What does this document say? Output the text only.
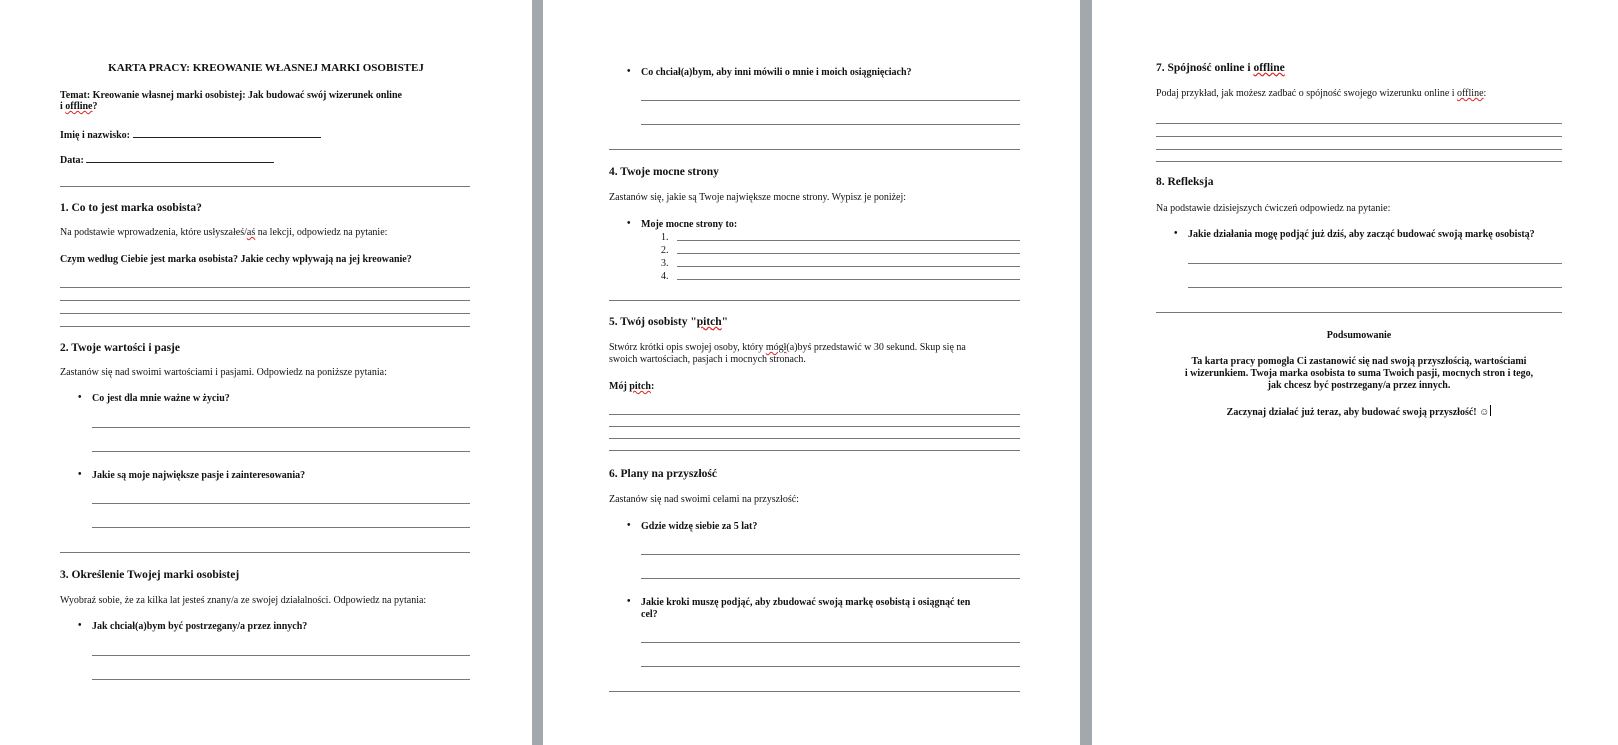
KARTA PRACY: KREOWANIE WŁASNEJ MARKI OSOBISTEJ
Temat: Kreowanie własnej marki osobistej: Jak budować swój wizerunek online
i offline?
Imię i nazwisko:
Data:
1. Co to jest marka osobista?
Na podstawie wprowadzenia, które usłyszałeś/aś na lekcji, odpowiedz na pytanie:
Czym według Ciebie jest marka osobista? Jakie cechy wpływają na jej kreowanie?
2. Twoje wartości i pasje
Zastanów się nad swoimi wartościami i pasjami. Odpowiedz na poniższe pytania:
• Co jest dla mnie ważne w życiu?
• Jakie są moje największe pasje i zainteresowania?
3. Określenie Twojej marki osobistej
Wyobraź sobie, że za kilka lat jesteś znany/a ze swojej działalności. Odpowiedz na pytania:
• Jak chciał(a)bym być postrzegany/a przez innych?
• Co chciał(a)bym, aby inni mówili o mnie i moich osiągnięciach?
4. Twoje mocne strony
Zastanów się, jakie są Twoje największe mocne strony. Wypisz je poniżej:
• Moje mocne strony to:
1.
2.
3.
4.
5. Twój osobisty "pitch"
Stwórz krótki opis swojej osoby, który mógł(a)byś przedstawić w 30 sekund. Skup się na
swoich wartościach, pasjach i mocnych stronach.
Mój pitch:
6. Plany na przyszłość
Zastanów się nad swoimi celami na przyszłość:
• Gdzie widzę siebie za 5 lat?
• Jakie kroki muszę podjąć, aby zbudować swoją markę osobistą i osiągnąć ten
cel?
7. Spójność online i offline
Podaj przykład, jak możesz zadbać o spójność swojego wizerunku online i offline:
8. Refleksja
Na podstawie dzisiejszych ćwiczeń odpowiedz na pytanie:
• Jakie działania mogę podjąć już dziś, aby zacząć budować swoją markę osobistą?
Podsumowanie
Ta karta pracy pomogła Ci zastanowić się nad swoją przyszłością, wartościami
i wizerunkiem. Twoja marka osobista to suma Twoich pasji, mocnych stron i tego,
jak chcesz być postrzegany/a przez innych.
Zaczynaj działać już teraz, aby budować swoją przyszłość! ☺
